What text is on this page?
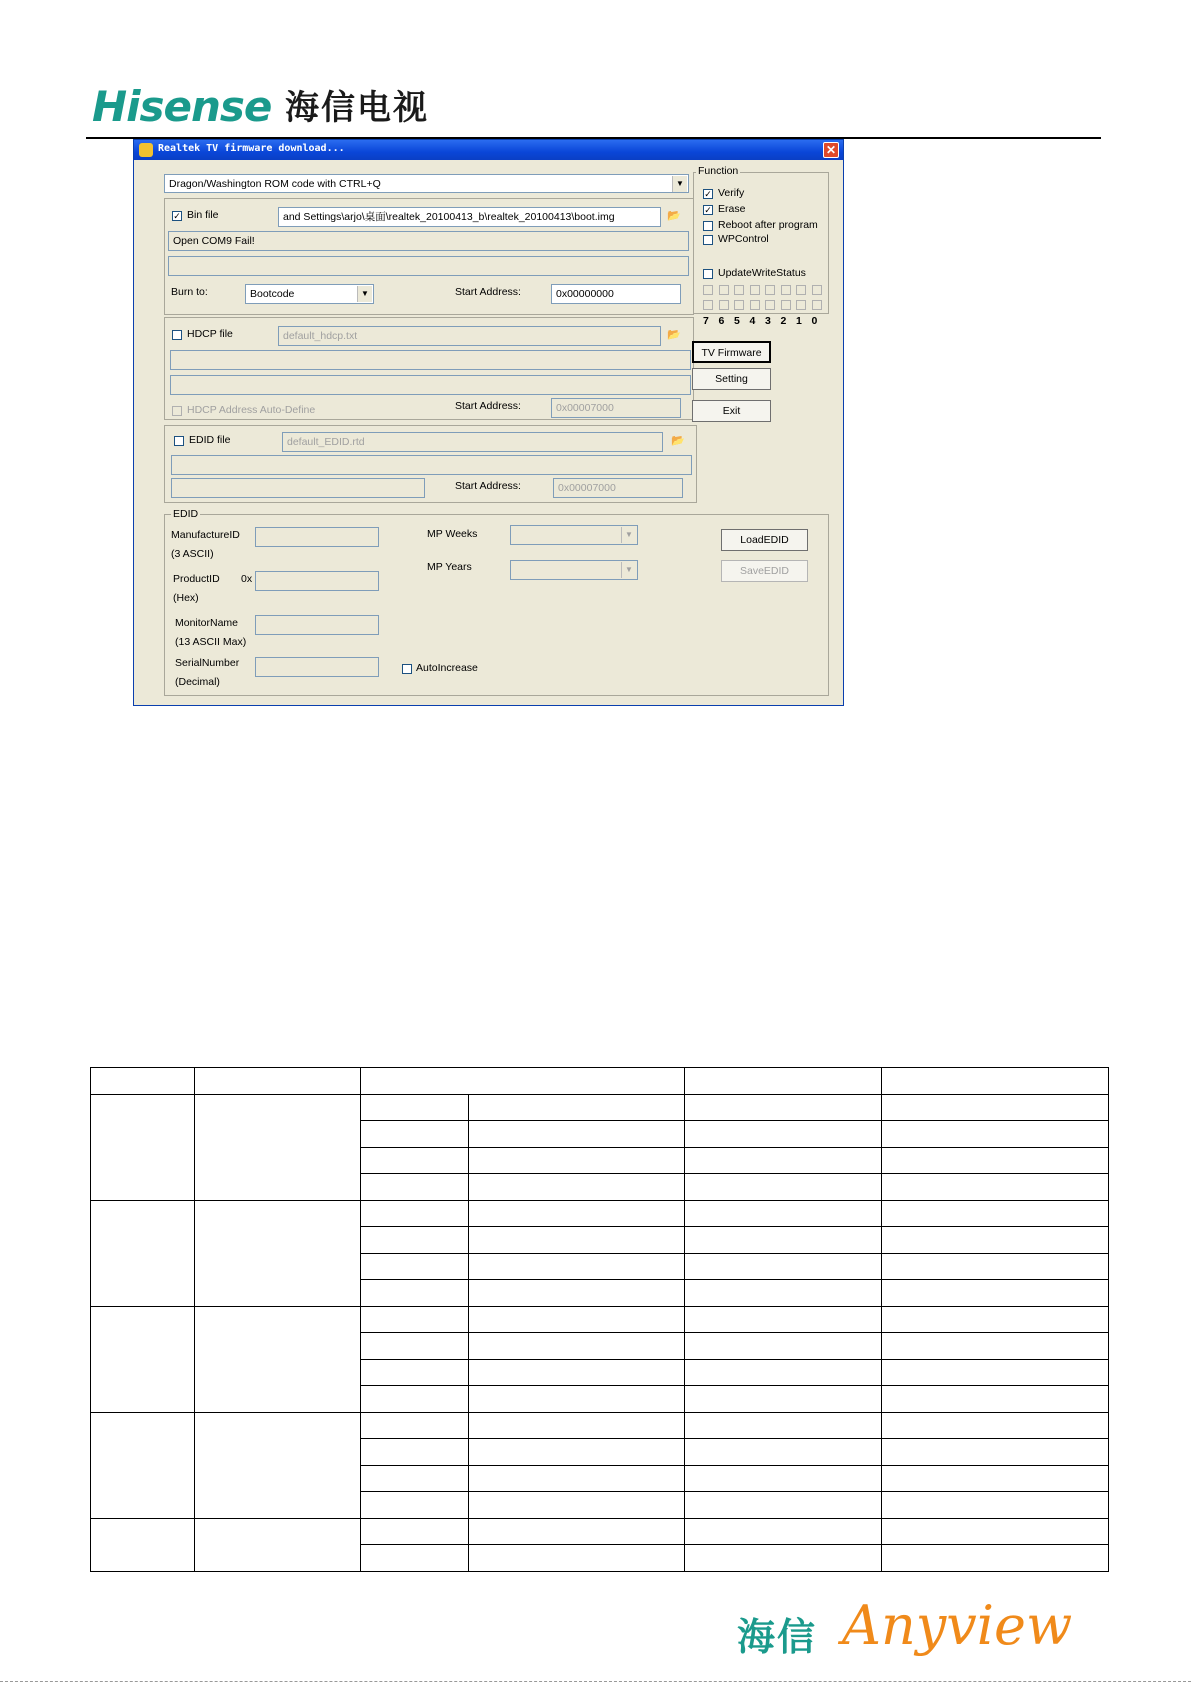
Hisense 海信电视
Realtek TV firmware download...	✕
Dragon/Washington ROM code with CTRL+Q	▼
✓ Bin file	and Settings\arjo\桌面\realtek_20100413_b\realtek_20100413\boot.img	📂
Open COM9 Fail!
Burn to:	Bootcode	▼	Start Address:	0x00000000
HDCP file	default_hdcp.txt	📂
HDCP Address Auto-Define	Start Address:	0x00007000
EDID file	default_EDID.rtd	📂
Start Address:	0x00007000
Function
✓ Verify
✓ Erase
Reboot after program
WPControl
UpdateWriteStatus
7 6 5 4 3 2 1 0
TV Firmware
Setting
Exit
EDID
ManufactureID
(3 ASCII)
ProductID 0x
(Hex)
MonitorName
(13 ASCII Max)
SerialNumber
(Decimal)
AutoIncrease
MP Weeks	▼
MP Years	▼
LoadEDID
SaveEDID

海信 Anyview
